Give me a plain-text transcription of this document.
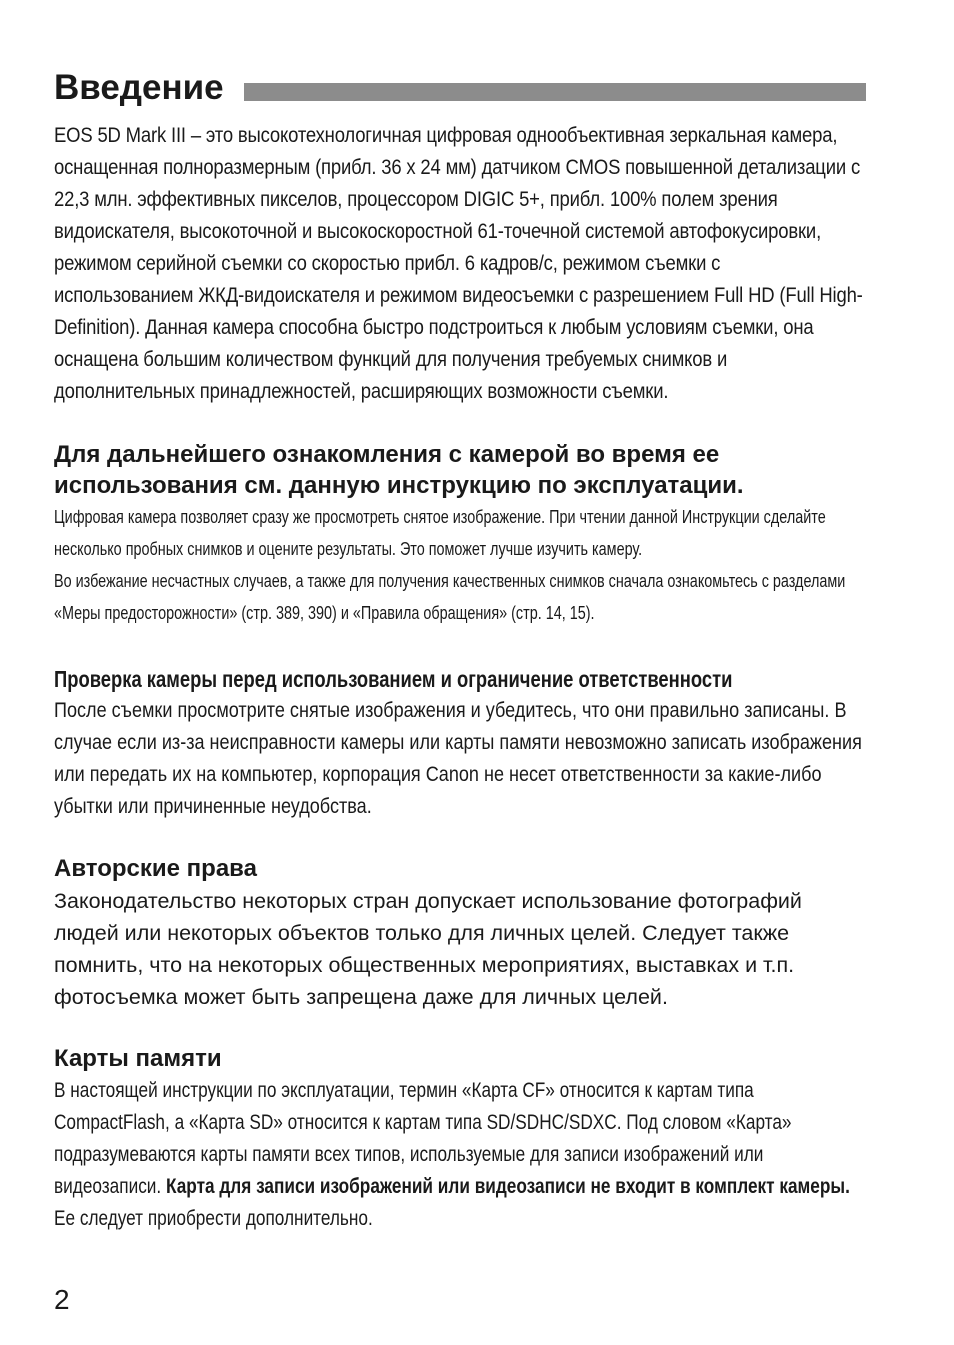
Введение

EOS 5D Mark III – это высокотехнологичная цифровая однообъективная зеркальная камера, оснащенная полноразмерным (прибл. 36 x 24 мм) датчиком CMOS повышенной детализации с 22,3 млн. эффективных пикселов, процессором DIGIC 5+, прибл. 100% полем зрения видоискателя, высокоточной и высокоскоростной 61-точечной системой автофокусировки, режимом серийной съемки со скоростью прибл. 6 кадров/с, режимом съемки с использованием ЖКД-видоискателя и режимом видеосъемки с разрешением Full HD (Full High-Definition). Данная камера способна быстро подстроиться к любым условиям съемки, она оснащена большим количеством функций для получения требуемых снимков и дополнительных принадлежностей, расширяющих возможности съемки.

Для дальнейшего ознакомления с камерой во время ее использования см. данную инструкцию по эксплуатации.

Цифровая камера позволяет сразу же просмотреть снятое изображение. При чтении данной Инструкции сделайте несколько пробных снимков и оцените результаты. Это поможет лучше изучить камеру.

Во избежание несчастных случаев, а также для получения качественных снимков сначала ознакомьтесь с разделами «Меры предосторожности» (стр. 389, 390) и «Правила обращения» (стр. 14, 15).

Проверка камеры перед использованием и ограничение ответственности

После съемки просмотрите снятые изображения и убедитесь, что они правильно записаны. В случае если из-за неисправности камеры или карты памяти невозможно записать изображения или передать их на компьютер, корпорация Canon не несет ответственности за какие-либо убытки или причиненные неудобства.

Авторские права

Законодательство некоторых стран допускает использование фотографий людей или некоторых объектов только для личных целей. Следует также помнить, что на некоторых общественных мероприятиях, выставках и т.п. фотосъемка может быть запрещена даже для личных целей.

Карты памяти

В настоящей инструкции по эксплуатации, термин «Карта CF» относится к картам типа CompactFlash, а «Карта SD» относится к картам типа SD/SDHC/SDXC. Под словом «Карта» подразумеваются карты памяти всех типов, используемые для записи изображений или видеозаписи. Карта для записи изображений или видеозаписи не входит в комплект камеры. Ее следует приобрести дополнительно.

2
